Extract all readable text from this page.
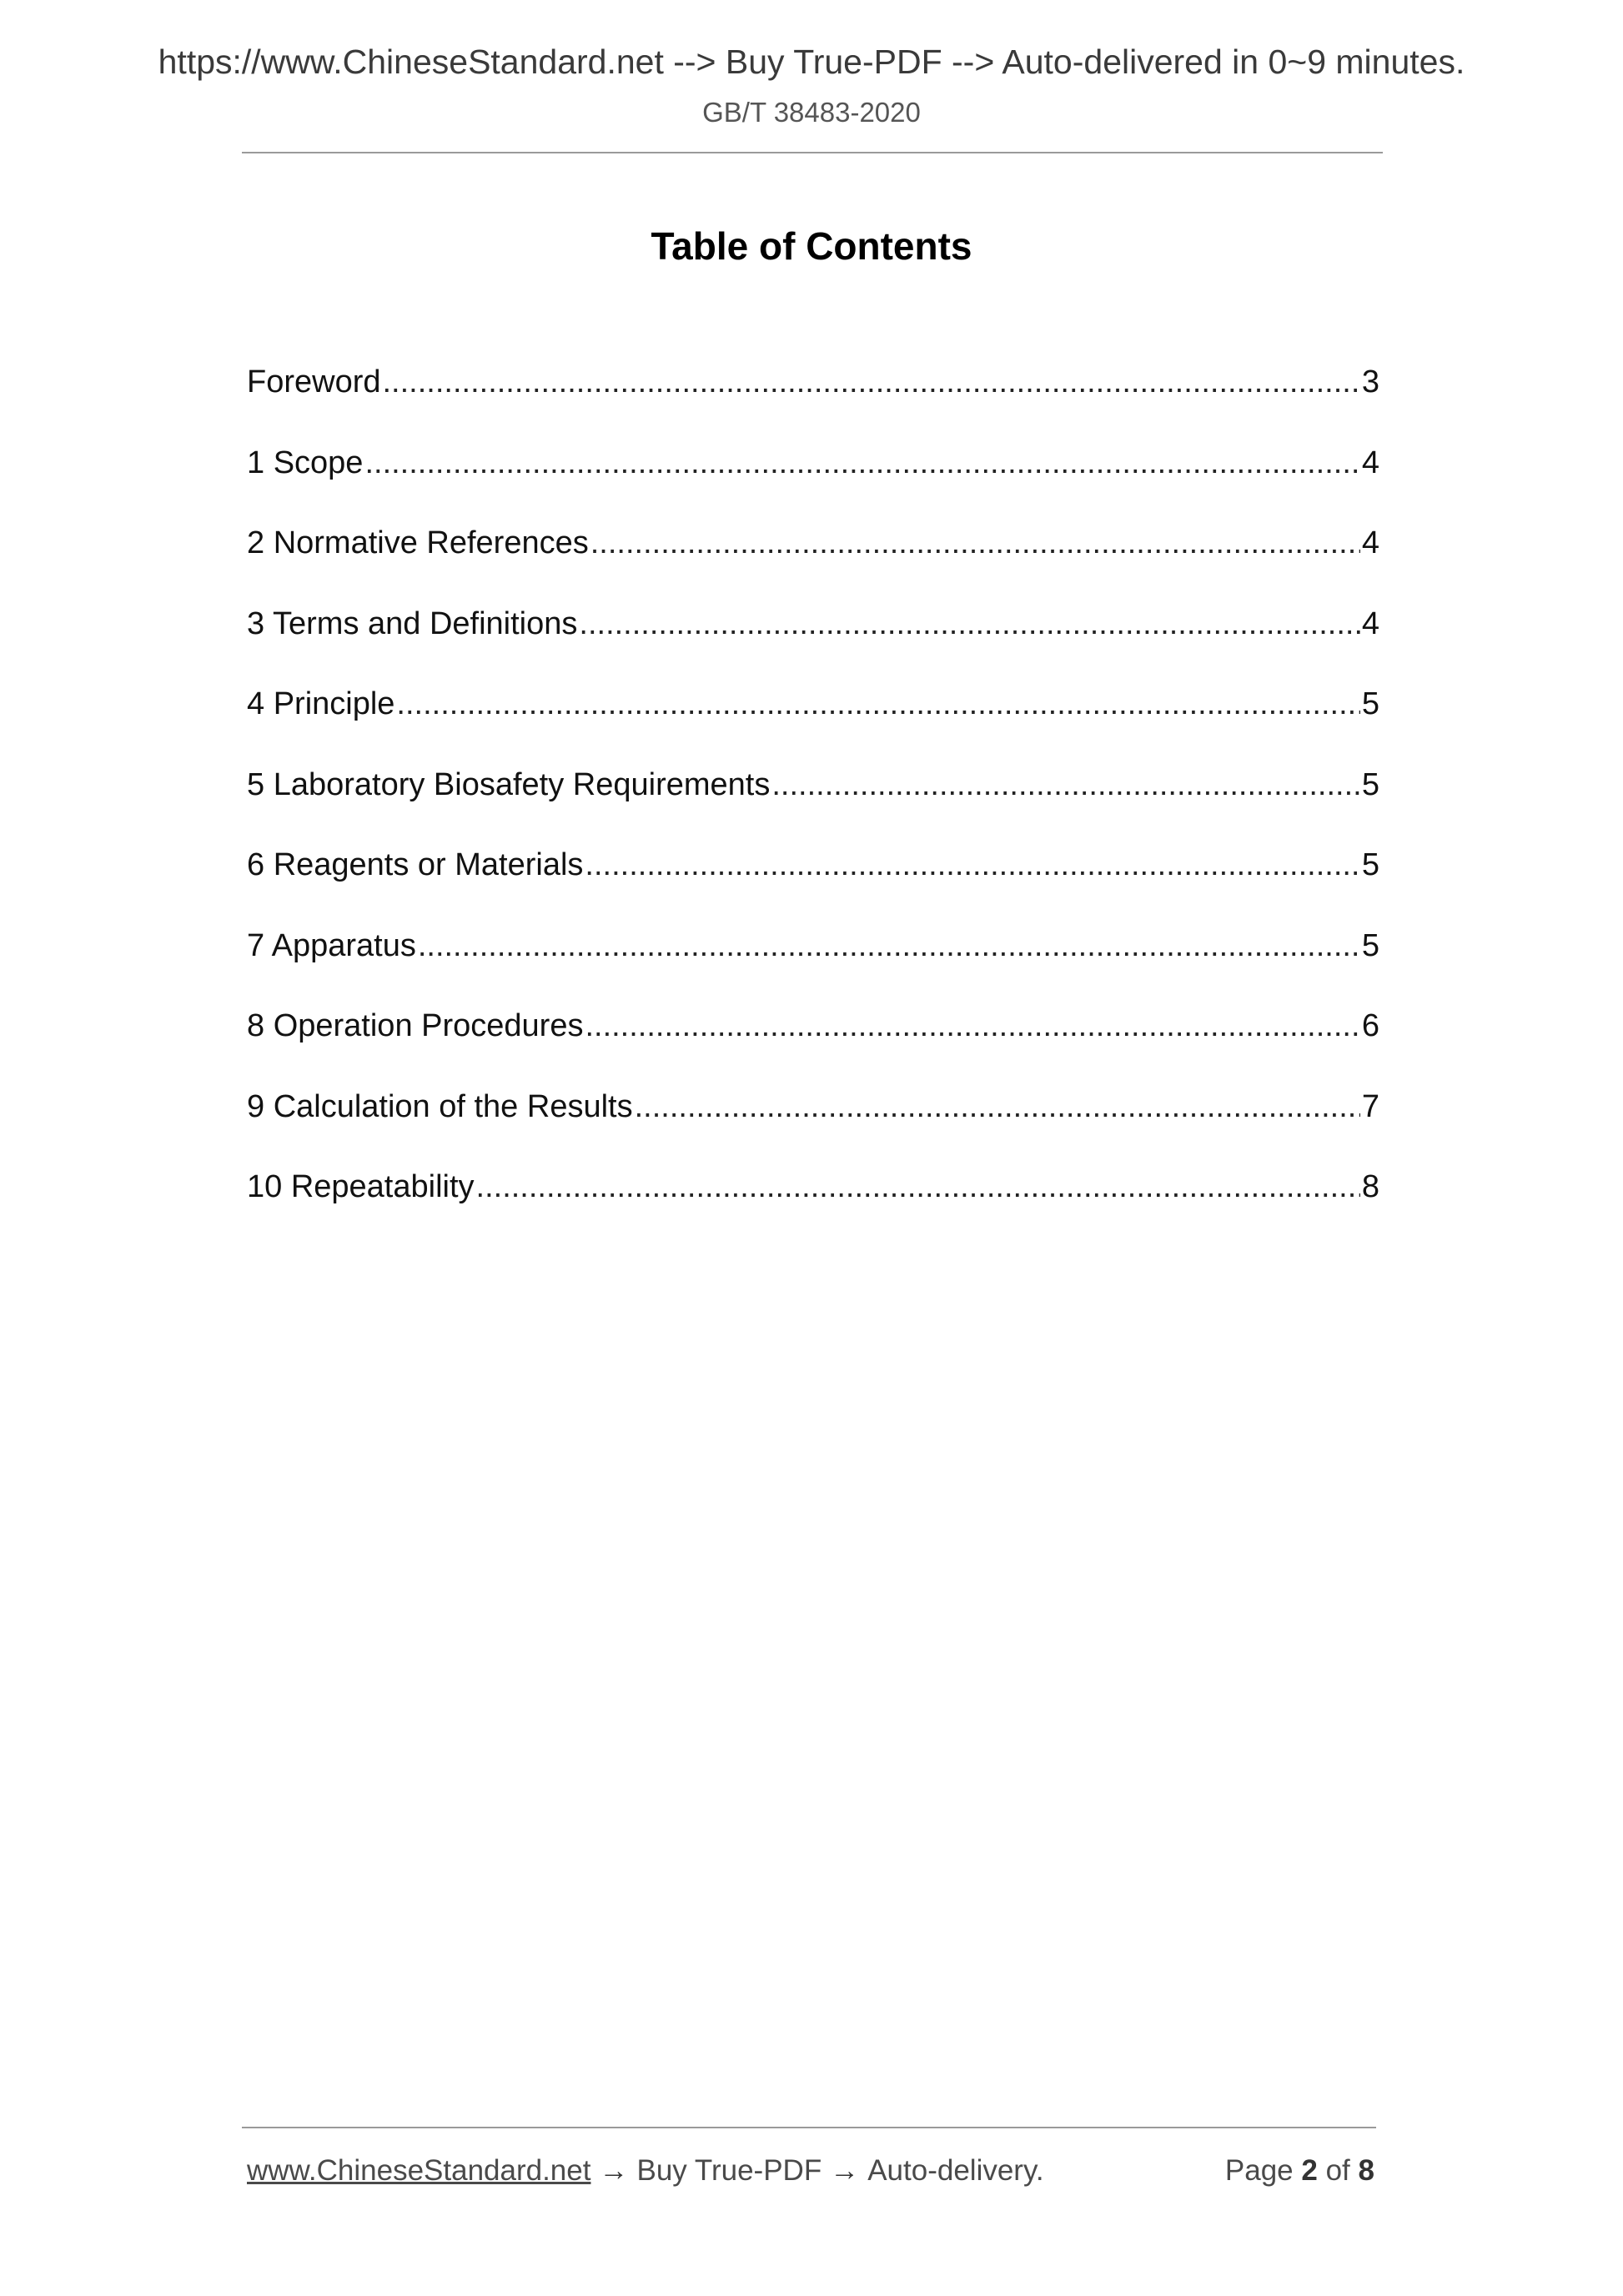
https://www.ChineseStandard.net --> Buy True-PDF --> Auto-delivered in 0~9 minutes.
GB/T 38483-2020
Table of Contents
Foreword .....	3
1 Scope .....	4
2 Normative References .....	4
3 Terms and Definitions .....	4
4 Principle .....	5
5 Laboratory Biosafety Requirements .....	5
6 Reagents or Materials .....	5
7 Apparatus .....	5
8 Operation Procedures .....	6
9 Calculation of the Results .....	7
10 Repeatability .....	8
www.ChineseStandard.net → Buy True-PDF → Auto-delivery.	Page 2 of 8
